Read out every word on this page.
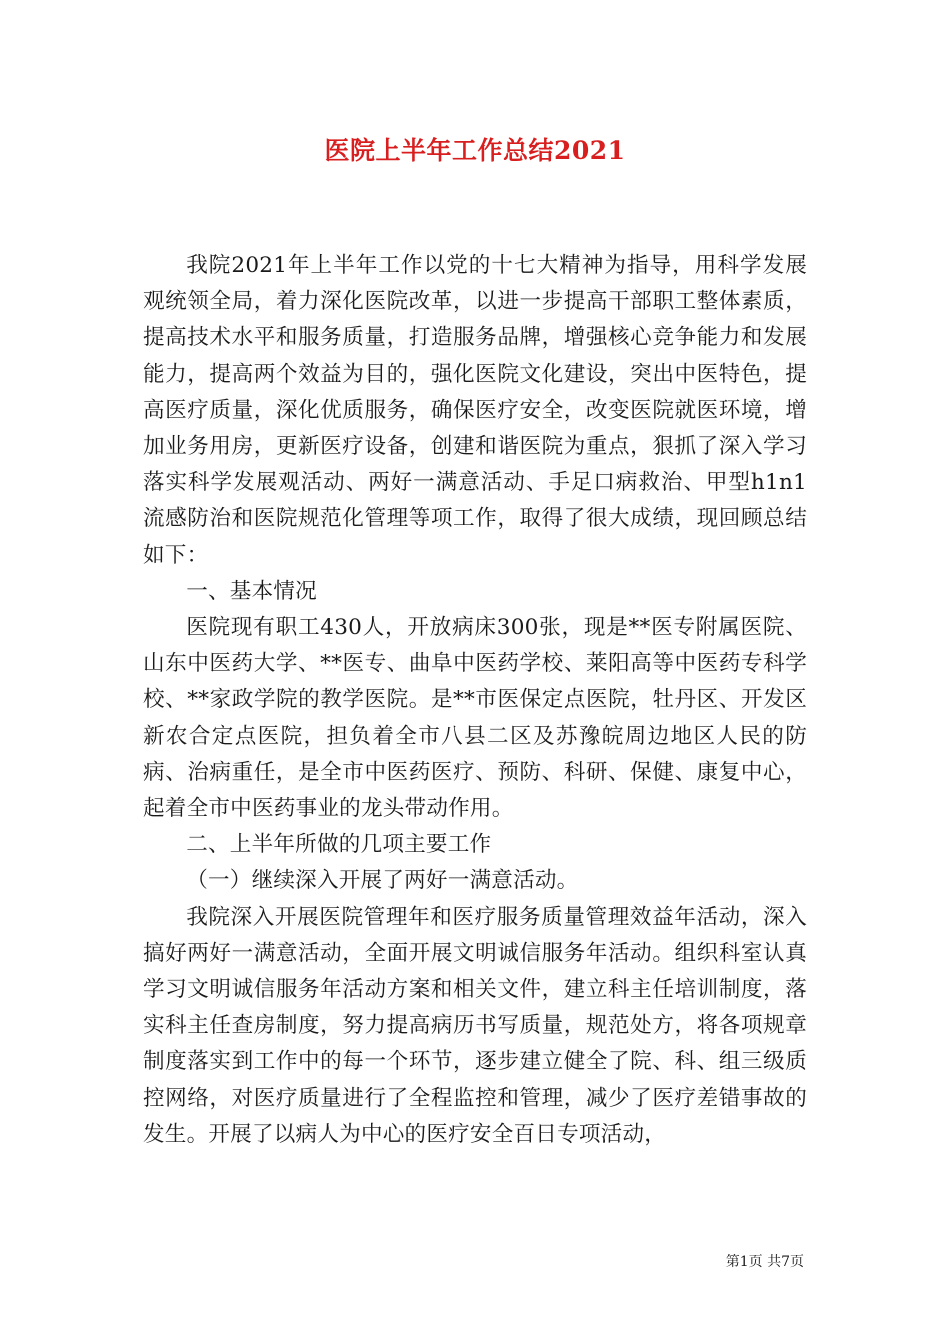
医院上半年工作总结2021

我院2021年上半年工作以党的十七大精神为指导，用科学发展观统领全局，着力深化医院改革，以进一步提高干部职工整体素质，提高技术水平和服务质量，打造服务品牌，增强核心竞争能力和发展能力，提高两个效益为目的，强化医院文化建设，突出中医特色，提高医疗质量，深化优质服务，确保医疗安全，改变医院就医环境，增加业务用房，更新医疗设备，创建和谐医院为重点，狠抓了深入学习落实科学发展观活动、两好一满意活动、手足口病救治、甲型h1n1流感防治和医院规范化管理等项工作，取得了很大成绩，现回顾总结如下：

一、基本情况

医院现有职工430人，开放病床300张，现是**医专附属医院、山东中医药大学、**医专、曲阜中医药学校、莱阳高等中医药专科学校、**家政学院的教学医院。是**市医保定点医院，牡丹区、开发区新农合定点医院，担负着全市八县二区及苏豫皖周边地区人民的防病、治病重任，是全市中医药医疗、预防、科研、保健、康复中心，起着全市中医药事业的龙头带动作用。

二、上半年所做的几项主要工作

（一）继续深入开展了两好一满意活动。

我院深入开展医院管理年和医疗服务质量管理效益年活动，深入搞好两好一满意活动，全面开展文明诚信服务年活动。组织科室认真学习文明诚信服务年活动方案和相关文件，建立科主任培训制度，落实科主任查房制度，努力提高病历书写质量，规范处方，将各项规章制度落实到工作中的每一个环节，逐步建立健全了院、科、组三级质控网络，对医疗质量进行了全程监控和管理，减少了医疗差错事故的发生。开展了以病人为中心的医疗安全百日专项活动，

第1页 共7页
